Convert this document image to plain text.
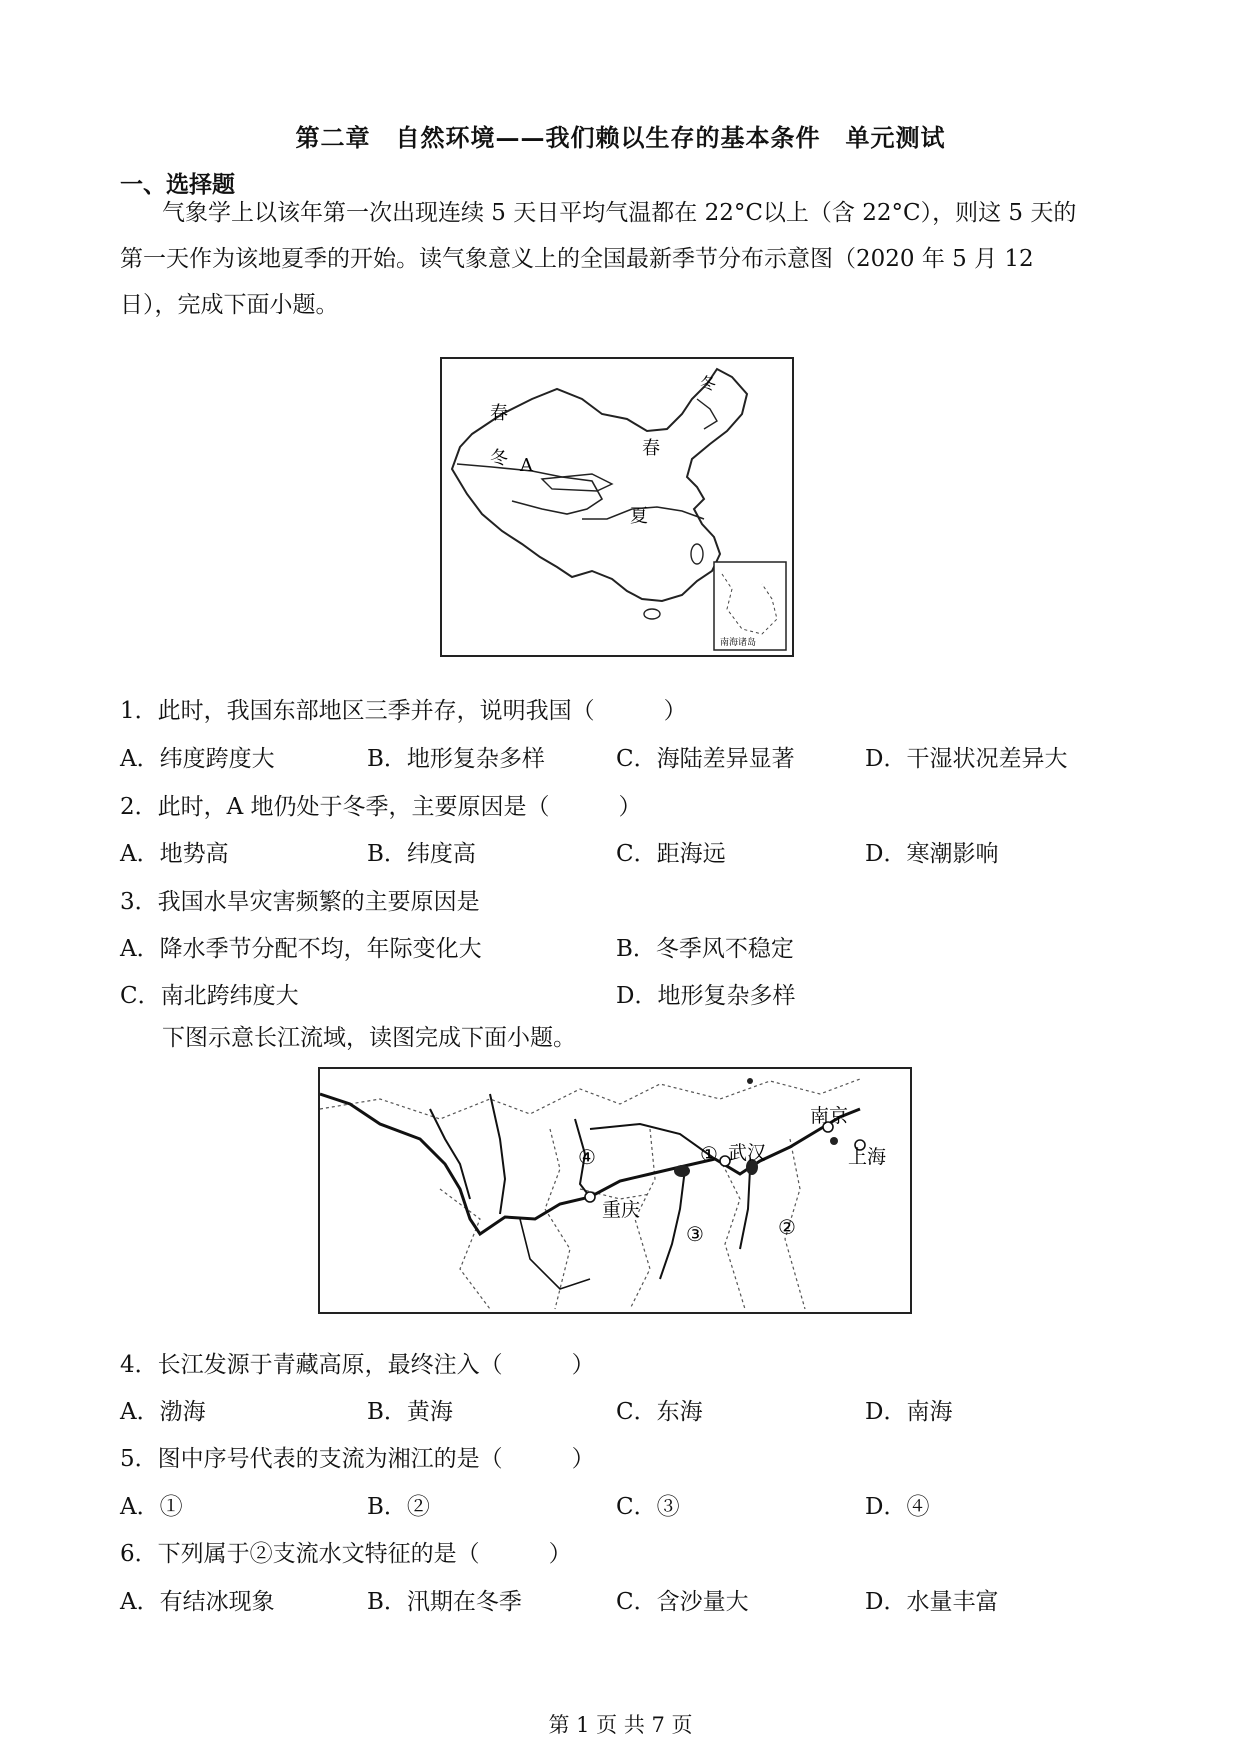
第二章　自然环境——我们赖以生存的基本条件　单元测试
一、选择题
气象学上以该年第一次出现连续 5 天日平均气温都在 22°C以上（含 22°C），则这 5 天的
第一天作为该地夏季的开始。读气象意义上的全国最新季节分布示意图（2020 年 5 月 12
日），完成下面小题。
春
冬 A
春
夏
冬
南海诸岛
1．此时，我国东部地区三季并存，说明我国（　　　）
A．纬度跨度大	B．地形复杂多样	C．海陆差异显著	D．干湿状况差异大
2．此时，A 地仍处于冬季，主要原因是（　　　）
A．地势高	B．纬度高	C．距海远	D．寒潮影响
3．我国水旱灾害频繁的主要原因是
A．降水季节分配不均，年际变化大	B．冬季风不稳定
C．南北跨纬度大	D．地形复杂多样
下图示意长江流域，读图完成下面小题。
南京
武汉	上海
重庆
①
②
③
④
4．长江发源于青藏高原，最终注入（　　　）
A．渤海	B．黄海	C．东海	D．南海
5．图中序号代表的支流为湘江的是（　　　）
A．①	B．②	C．③	D．④
6．下列属于②支流水文特征的是（　　　）
A．有结冰现象	B．汛期在冬季	C．含沙量大	D．水量丰富
第 1 页 共 7 页
